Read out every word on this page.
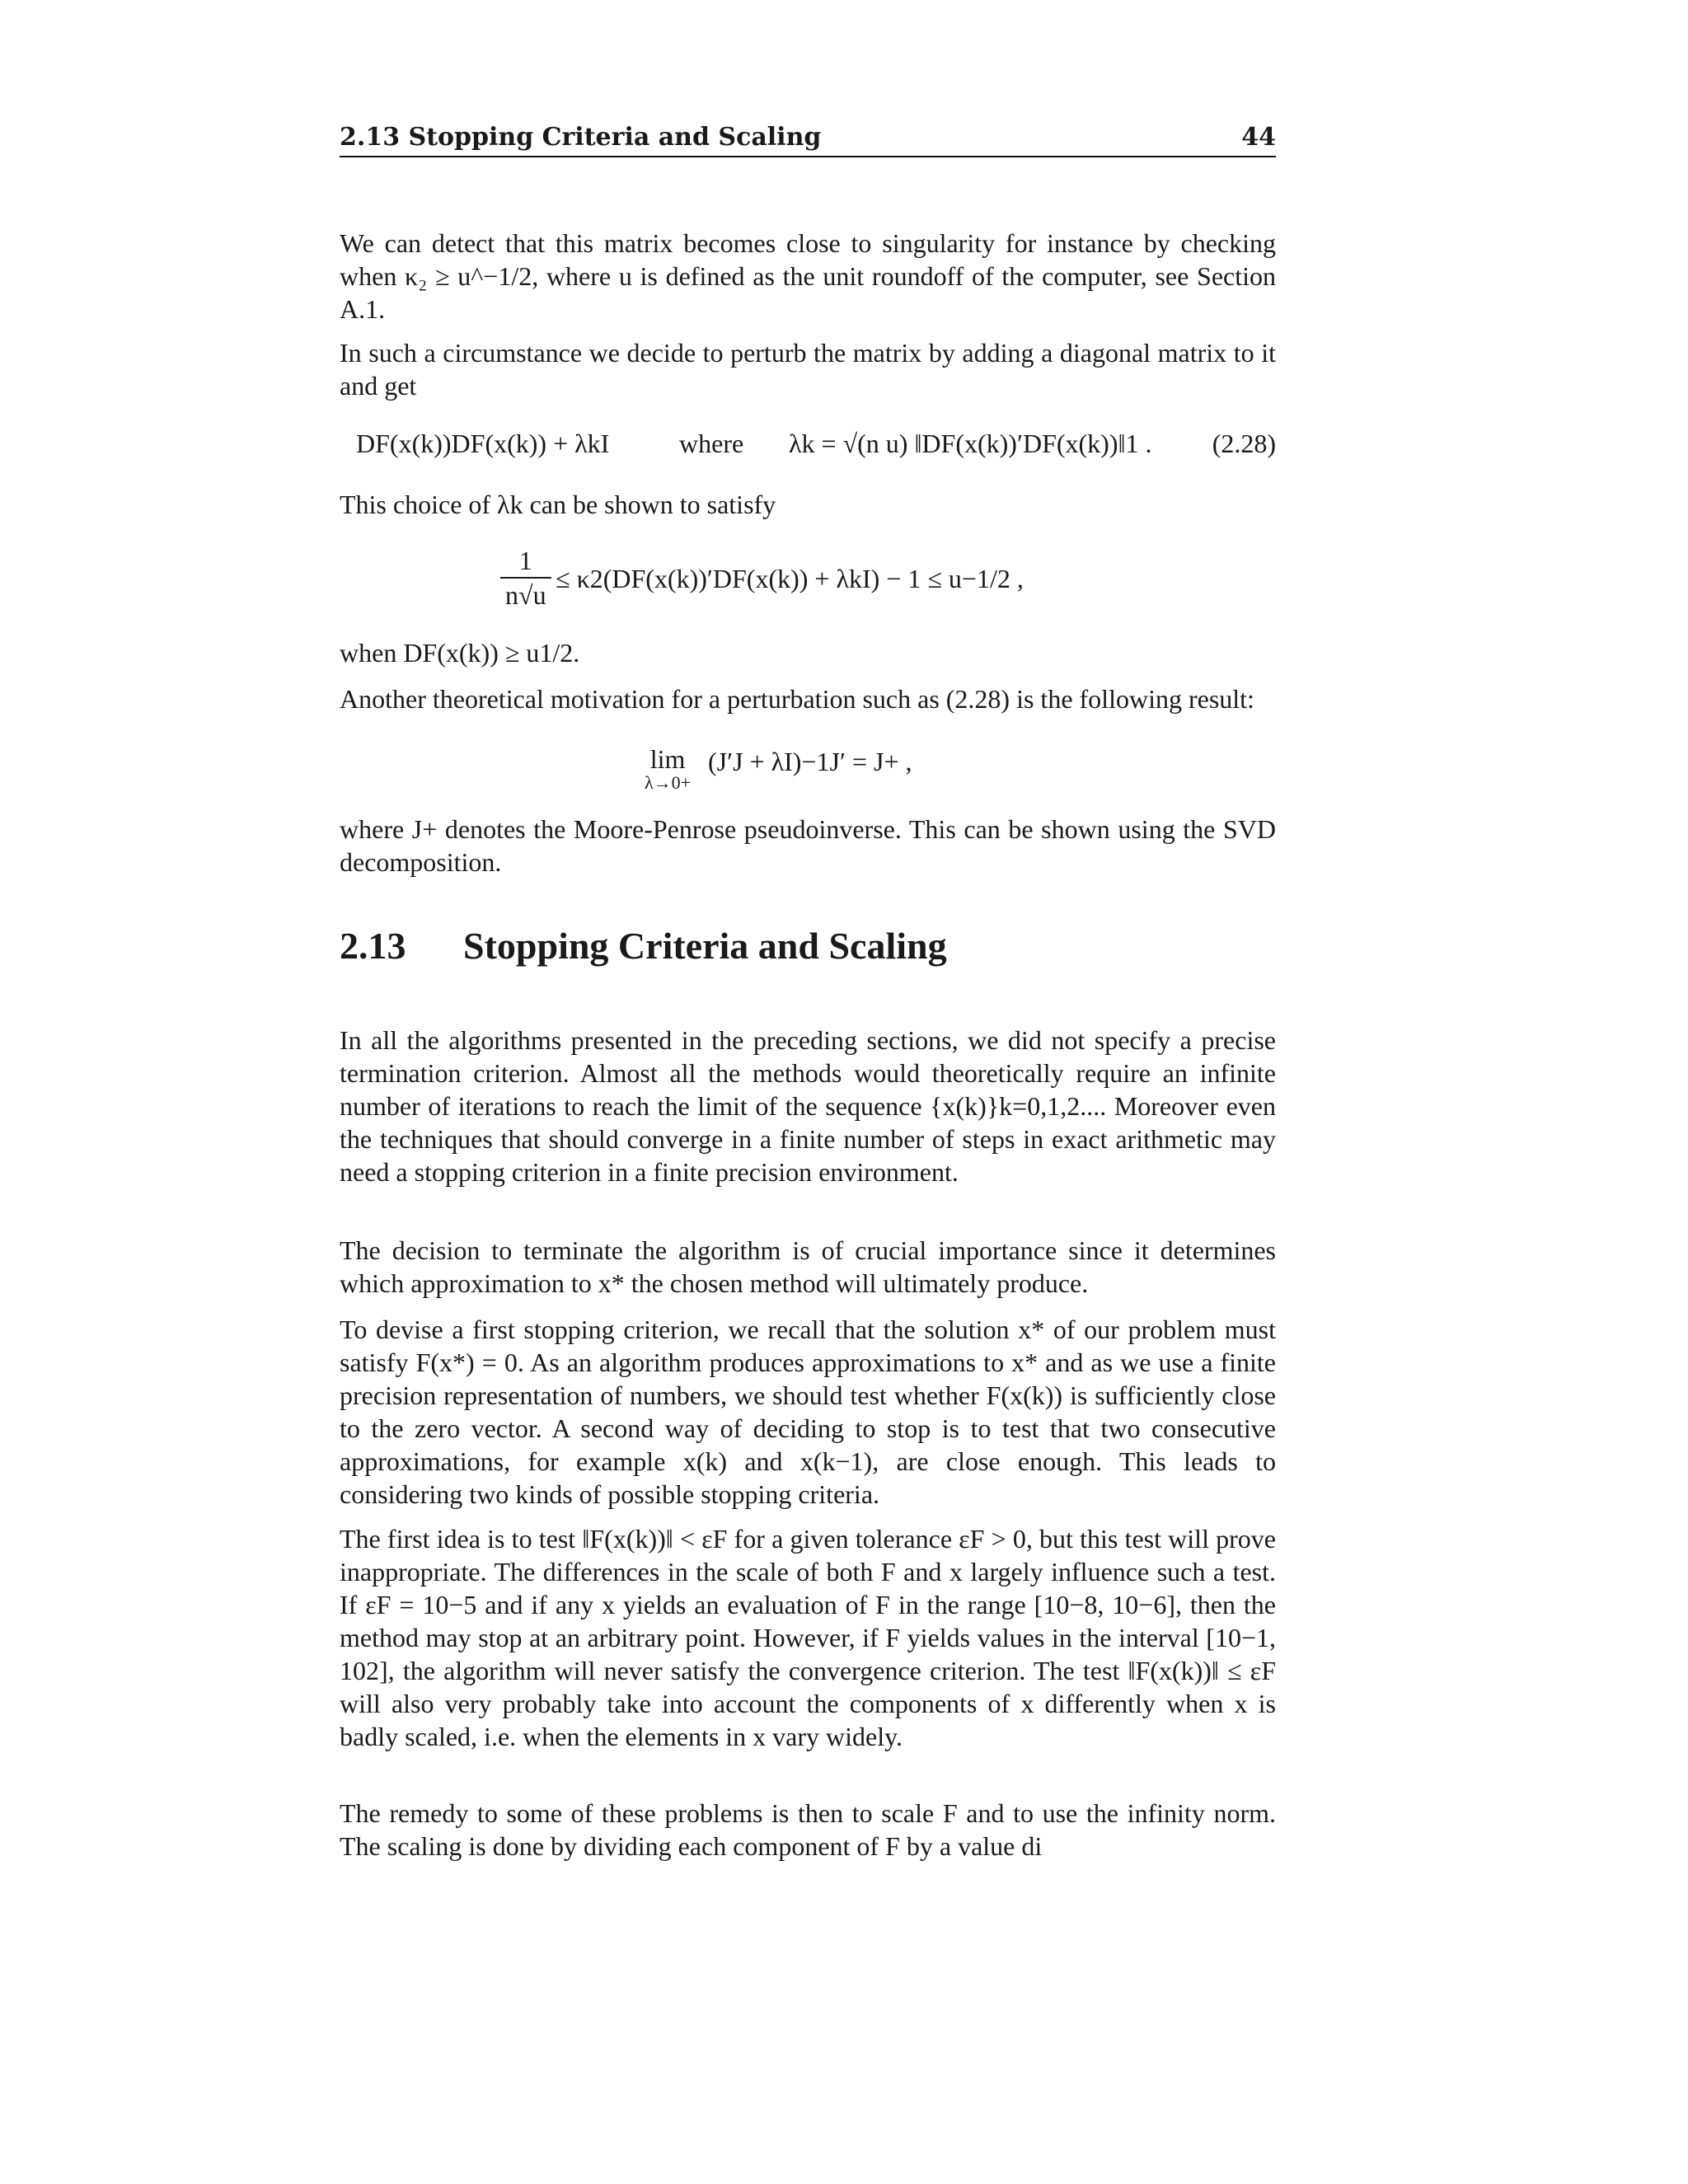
2.13 Stopping Criteria and Scaling	44

We can detect that this matrix becomes close to singularity for instance by checking when κ₂ ≥ u^−1/2, where u is defined as the unit roundoff of the computer, see Section A.1.

In such a circumstance we decide to perturb the matrix by adding a diagonal matrix to it and get

DF(x(k))DF(x(k)) + λkI	where λk = √(n u) ‖DF(x(k))′DF(x(k))‖1 . (2.28)

This choice of λk can be shown to satisfy

$\frac{1}{n√u} \le \kappa 2(DF(x(k))'DF(x(k)) + \lambda kI) - 1 \le u-1/2$ ,

when DF(x(k)) ≥ u1/2.

Another theoretical motivation for a perturbation such as (2.28) is the following result:

lim
λ→0+
(J′J + λI)−1J′ = J+ ,

where J+ denotes the Moore-Penrose pseudoinverse. This can be shown using the SVD decomposition.

2.13 Stopping Criteria and Scaling

In all the algorithms presented in the preceding sections, we did not specify a precise termination criterion. Almost all the methods would theoretically require an infinite number of iterations to reach the limit of the sequence {x(k)}k=0,1,2.... Moreover even the techniques that should converge in a finite number of steps in exact arithmetic may need a stopping criterion in a finite precision environment.

The decision to terminate the algorithm is of crucial importance since it determines which approximation to x* the chosen method will ultimately produce.

To devise a first stopping criterion, we recall that the solution x* of our problem must satisfy F(x*) = 0. As an algorithm produces approximations to x* and as we use a finite precision representation of numbers, we should test whether F(x(k)) is sufficiently close to the zero vector. A second way of deciding to stop is to test that two consecutive approximations, for example x(k) and x(k−1), are close enough. This leads to considering two kinds of possible stopping criteria.

The first idea is to test ‖F(x(k))‖ < εF for a given tolerance εF > 0, but this test will prove inappropriate. The differences in the scale of both F and x largely influence such a test. If εF = 10−5 and if any x yields an evaluation of F in the range [10−8, 10−6], then the method may stop at an arbitrary point. However, if F yields values in the interval [10−1, 102], the algorithm will never satisfy the convergence criterion. The test ‖F(x(k))‖ ≤ εF will also very probably take into account the components of x differently when x is badly scaled, i.e. when the elements in x vary widely.

The remedy to some of these problems is then to scale F and to use the infinity norm. The scaling is done by dividing each component of F by a value di
